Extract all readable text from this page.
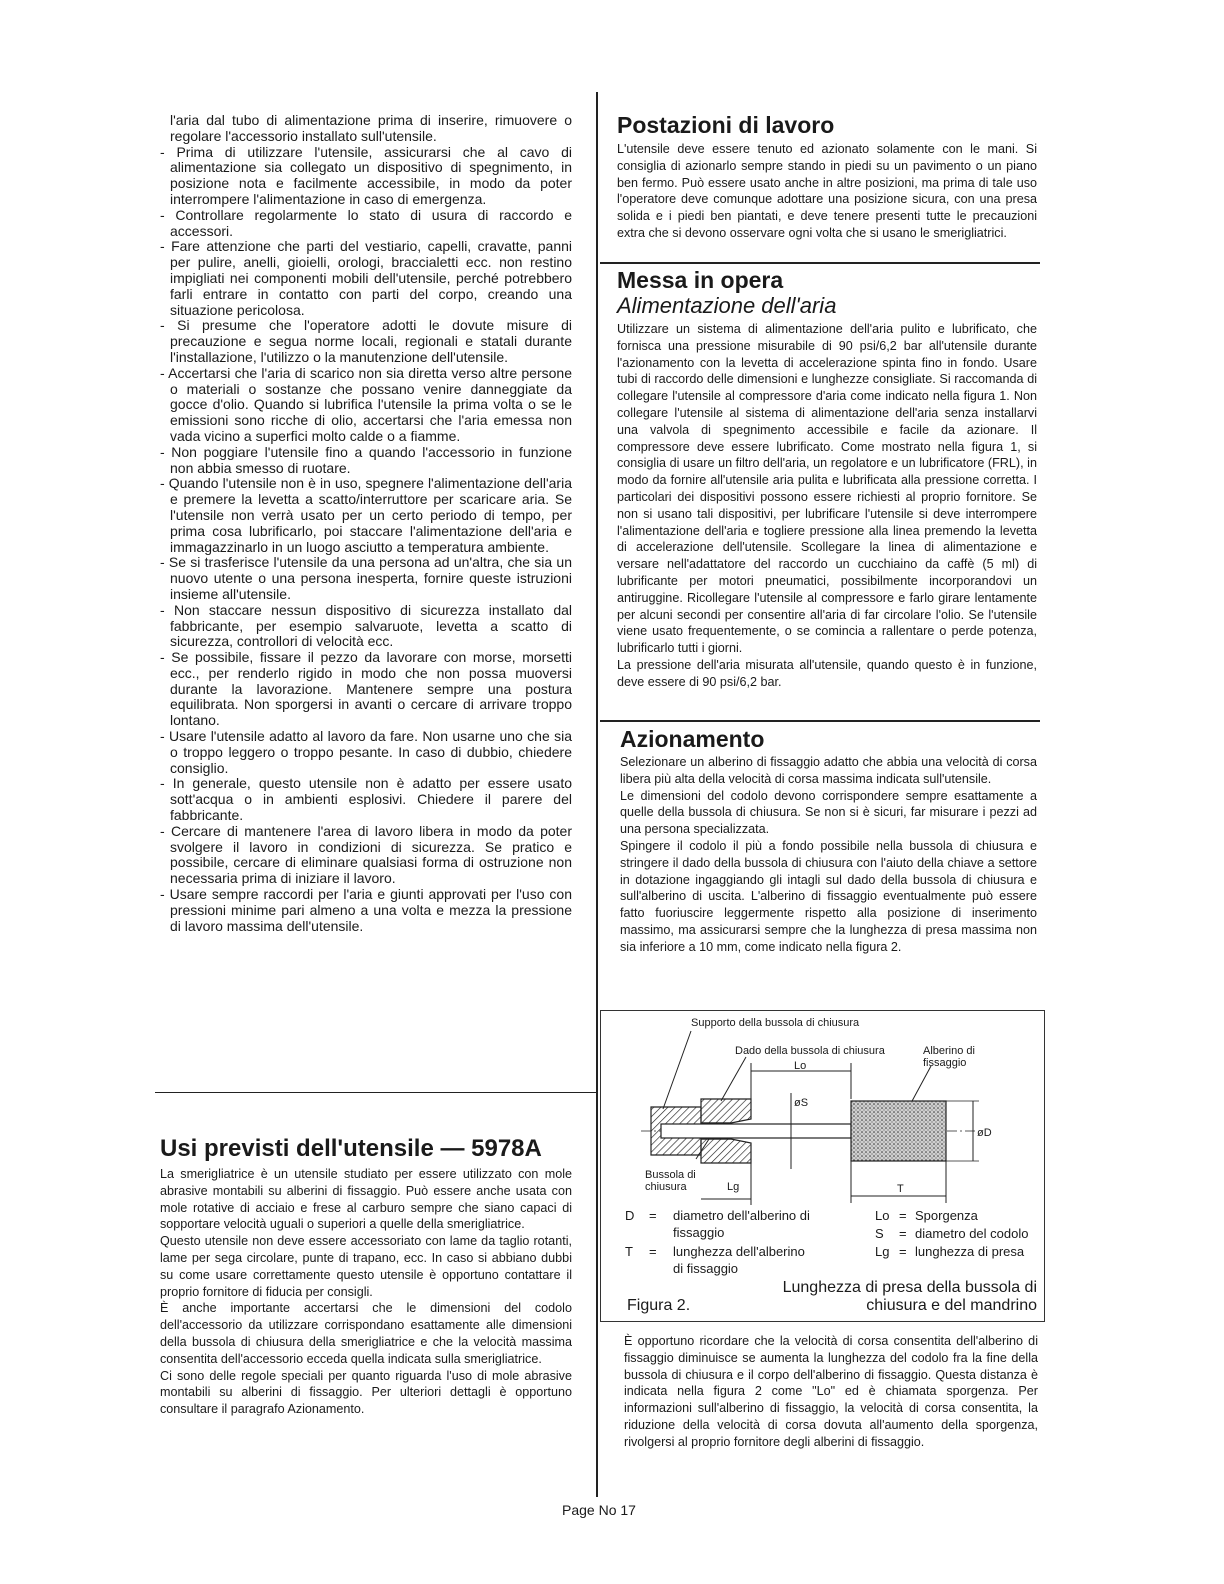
l'aria dal tubo di alimentazione prima di inserire, rimuovere o regolare l'accessorio installato sull'utensile.

- Prima di utilizzare l'utensile, assicurarsi che al cavo di alimentazione sia collegato un dispositivo di spegnimento, in posizione nota e facilmente accessibile, in modo da poter interrompere l'alimentazione in caso di emergenza.

- Controllare regolarmente lo stato di usura di raccordo e accessori.

- Fare attenzione che parti del vestiario, capelli, cravatte, panni per pulire, anelli, gioielli, orologi, braccialetti ecc. non restino impigliati nei componenti mobili dell'utensile, perché potrebbero farli entrare in contatto con parti del corpo, creando una situazione pericolosa.

- Si presume che l'operatore adotti le dovute misure di precauzione e segua norme locali, regionali e statali durante l'installazione, l'utilizzo o la manutenzione dell'utensile.

- Accertarsi che l'aria di scarico non sia diretta verso altre persone o materiali o sostanze che possano venire danneggiate da gocce d'olio. Quando si lubrifica l'utensile la prima volta o se le emissioni sono ricche di olio, accertarsi che l'aria emessa non vada vicino a superfici molto calde o a fiamme.

- Non poggiare l'utensile fino a quando l'accessorio in funzione non abbia smesso di ruotare.

- Quando l'utensile non è in uso, spegnere l'alimentazione dell'aria e premere la levetta a scatto/interruttore per scaricare aria. Se l'utensile non verrà usato per un certo periodo di tempo, per prima cosa lubrificarlo, poi staccare l'alimentazione dell'aria e immagazzinarlo in un luogo asciutto a temperatura ambiente.

- Se si trasferisce l'utensile da una persona ad un'altra, che sia un nuovo utente o una persona inesperta, fornire queste istruzioni insieme all'utensile.

- Non staccare nessun dispositivo di sicurezza installato dal fabbricante, per esempio salvaruote, levetta a scatto di sicurezza, controllori di velocità ecc.

- Se possibile, fissare il pezzo da lavorare con morse, morsetti ecc., per renderlo rigido in modo che non possa muoversi durante la lavorazione. Mantenere sempre una postura equilibrata. Non sporgersi in avanti o cercare di arrivare troppo lontano.

- Usare l'utensile adatto al lavoro da fare. Non usarne uno che sia o troppo leggero o troppo pesante. In caso di dubbio, chiedere consiglio.

- In generale, questo utensile non è adatto per essere usato sott'acqua o in ambienti esplosivi. Chiedere il parere del fabbricante.

- Cercare di mantenere l'area di lavoro libera in modo da poter svolgere il lavoro in condizioni di sicurezza. Se pratico e possibile, cercare di eliminare qualsiasi forma di ostruzione non necessaria prima di iniziare il lavoro.

- Usare sempre raccordi per l'aria e giunti approvati per l'uso con pressioni minime pari almeno a una volta e mezza la pressione di lavoro massima dell'utensile.

Usi previsti dell'utensile — 5978A

La smerigliatrice è un utensile studiato per essere utilizzato con mole abrasive montabili su alberini di fissaggio. Può essere anche usata con mole rotative di acciaio e frese al carburo sempre che siano capaci di sopportare velocità uguali o superiori a quelle della smerigliatrice.

Questo utensile non deve essere accessoriato con lame da taglio rotanti, lame per sega circolare, punte di trapano, ecc. In caso si abbiano dubbi su come usare correttamente questo utensile è opportuno contattare il proprio fornitore di fiducia per consigli.

È anche importante accertarsi che le dimensioni del codolo dell'accessorio da utilizzare corrispondano esattamente alle dimensioni della bussola di chiusura della smerigliatrice e che la velocità massima consentita dell'accessorio ecceda quella indicata sulla smerigliatrice.

Ci sono delle regole speciali per quanto riguarda l'uso di mole abrasive montabili su alberini di fissaggio. Per ulteriori dettagli è opportuno consultare il paragrafo Azionamento.

Postazioni di lavoro

L'utensile deve essere tenuto ed azionato solamente con le mani. Si consiglia di azionarlo sempre stando in piedi su un pavimento o un piano ben fermo. Può essere usato anche in altre posizioni, ma prima di tale uso l'operatore deve comunque adottare una posizione sicura, con una presa solida e i piedi ben piantati, e deve tenere presenti tutte le precauzioni extra che si devono osservare ogni volta che si usano le smerigliatrici.

Messa in opera

Alimentazione dell'aria

Utilizzare un sistema di alimentazione dell'aria pulito e lubrificato, che fornisca una pressione misurabile di 90 psi/6,2 bar all'utensile durante l'azionamento con la levetta di accelerazione spinta fino in fondo. Usare tubi di raccordo delle dimensioni e lunghezze consigliate. Si raccomanda di collegare l'utensile al compressore d'aria come indicato nella figura 1. Non collegare l'utensile al sistema di alimentazione dell'aria senza installarvi una valvola di spegnimento accessibile e facile da azionare. Il compressore deve essere lubrificato. Come mostrato nella figura 1, si consiglia di usare un filtro dell'aria, un regolatore e un lubrificatore (FRL), in modo da fornire all'utensile aria pulita e lubrificata alla pressione corretta. I particolari dei dispositivi possono essere richiesti al proprio fornitore. Se non si usano tali dispositivi, per lubrificare l'utensile si deve interrompere l'alimentazione dell'aria e togliere pressione alla linea premendo la levetta di accelerazione dell'utensile. Scollegare la linea di alimentazione e versare nell'adattatore del raccordo un cucchiaino da caffè (5 ml) di lubrificante per motori pneumatici, possibilmente incorporandovi un antiruggine. Ricollegare l'utensile al compressore e farlo girare lentamente per alcuni secondi per consentire all'aria di far circolare l'olio. Se l'utensile viene usato frequentemente, o se comincia a rallentare o perde potenza, lubrificarlo tutti i giorni.

La pressione dell'aria misurata all'utensile, quando questo è in funzione, deve essere di 90 psi/6,2 bar.

Azionamento

Selezionare un alberino di fissaggio adatto che abbia una velocità di corsa libera più alta della velocità di corsa massima indicata sull'utensile.

Le dimensioni del codolo devono corrispondere sempre esattamente a quelle della bussola di chiusura. Se non si è sicuri, far misurare i pezzi ad una persona specializzata.

Spingere il codolo il più a fondo possibile nella bussola di chiusura e stringere il dado della bussola di chiusura con l'aiuto della chiave a settore in dotazione ingaggiando gli intagli sul dado della bussola di chiusura e sull'alberino di uscita. L'alberino di fissaggio eventualmente può essere fatto fuoriuscire leggermente rispetto alla posizione di inserimento massimo, ma assicurarsi sempre che la lunghezza di presa massima non sia inferiore a 10 mm, come indicato nella figura 2.

Supporto della bussola di chiusura
Dado della bussola di chiusura	Alberino di fissaggio
Bussola di chiusura
Lo
øS
øD
Lg	T
D = diametro dell'alberino di fissaggio
T = lunghezza dell'alberino di fissaggio
Lo = Sporgenza
S = diametro del codolo
Lg = lunghezza di presa
Figura 2.
Lunghezza di presa della bussola di chiusura e del mandrino

È opportuno ricordare che la velocità di corsa consentita dell'alberino di fissaggio diminuisce se aumenta la lunghezza del codolo fra la fine della bussola di chiusura e il corpo dell'alberino di fissaggio. Questa distanza è indicata nella figura 2 come "Lo" ed è chiamata sporgenza. Per informazioni sull'alberino di fissaggio, la velocità di corsa consentita, la riduzione della velocità di corsa dovuta all'aumento della sporgenza, rivolgersi al proprio fornitore degli alberini di fissaggio.

Page No 17
